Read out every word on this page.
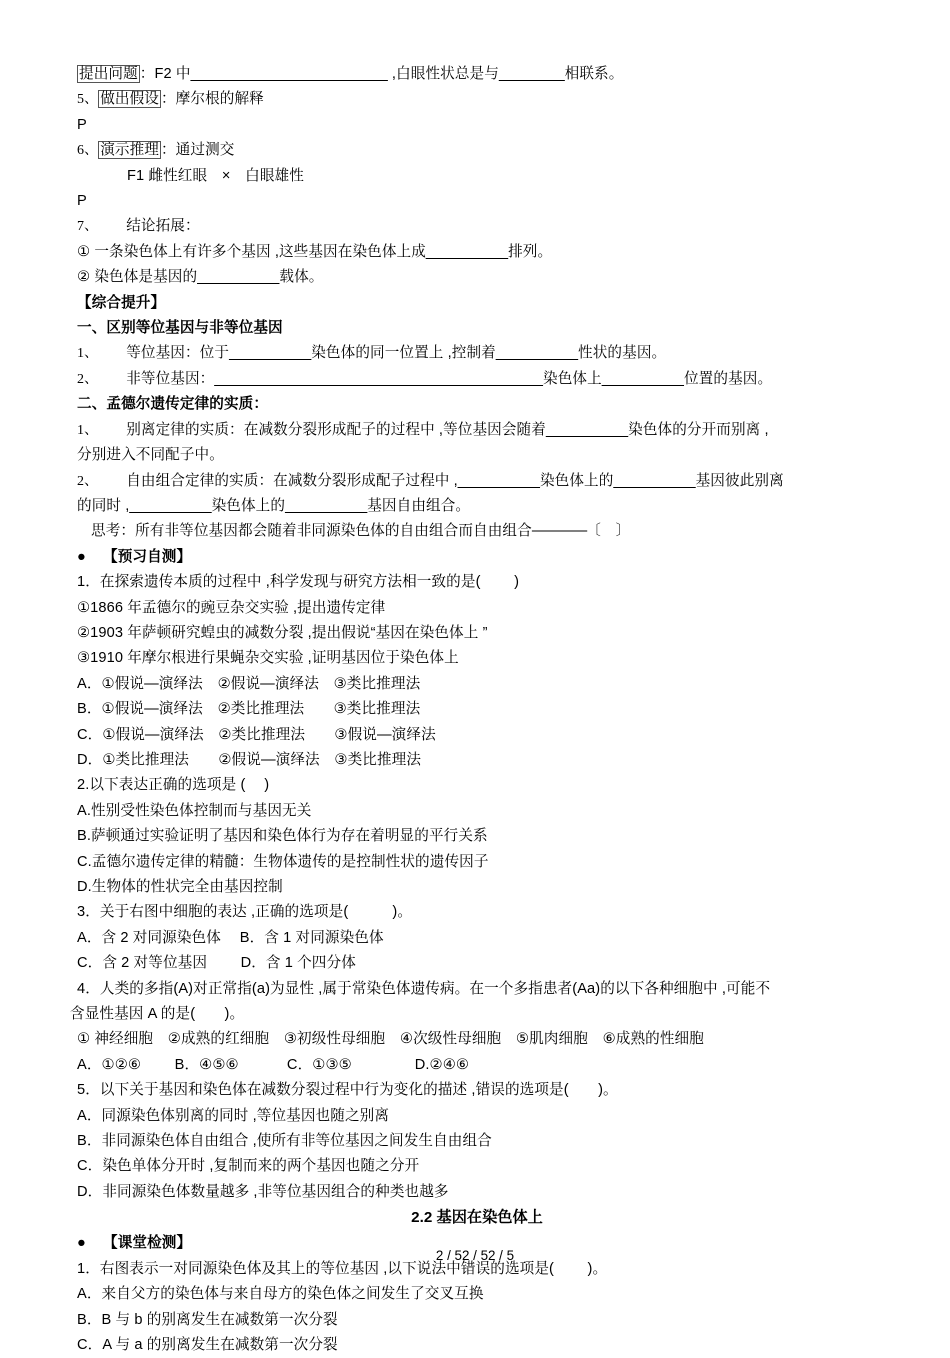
提出问题 ：F2 中________________________ ,白眼性状总是与________相联系。
5、 做出假设 ：摩尔根的解释
P
6、 演示推理 ：通过测交
F1 雌性红眼　×　白眼雄性
P
7、 结论拓展：
① 一条染色体上有许多个基因 ,这些基因在染色体上成__________排列。
② 染色体是基因的__________载体。
【综合提升】
一、区别等位基因与非等位基因
1、 等位基因：位于__________染色体的同一位置上 ,控制着__________性状的基因。
2、 非等位基因：________________________________________染色体上__________位置的基因。
二、孟德尔遗传定律的实质：
1、 别离定律的实质：在减数分裂形成配子的过程中 ,等位基因会随着__________染色体的分开而别离 ,
分别进入不同配子中。
2、 自由组合定律的实质：在减数分裂形成配子过程中 ,__________染色体上的__________基因彼此别离
的同时 ,__________染色体上的__________基因自由组合。
思考：所有非等位基因都会随着非同源染色体的自由组合而自由组合————〔　〕
● 【预习自测】
1．在探索遗传本质的过程中 ,科学发现与研究方法相一致的是(　　 )
①1866 年孟德尔的豌豆杂交实验 ,提出遗传定律
②1903 年萨顿研究蝗虫的减数分裂 ,提出假说“基因在染色体上 ”
③1910 年摩尔根进行果蝇杂交实验 ,证明基因位于染色体上
A．①假说—演绎法　②假说—演绎法　③类比推理法
B．①假说—演绎法　②类比推理法　　③类比推理法
C．①假说—演绎法　②类比推理法　　③假说—演绎法
D．①类比推理法　　②假说—演绎法　③类比推理法
2.以下表达正确的选项是 (　 )
A.性别受性染色体控制而与基因无关
B.萨顿通过实验证明了基因和染色体行为存在着明显的平行关系
C.孟德尔遗传定律的精髓：生物体遗传的是控制性状的遗传因子
D.生物体的性状完全由基因控制
3．关于右图中细胞的表达 ,正确的选项是(　　　)。
A．含 2 对同源染色体　 B．含 1 对同源染色体
C．含 2 对等位基因　　 D．含 1 个四分体
4．人类的多指(A)对正常指(a)为显性 ,属于常染色体遗传病。在一个多指患者(Aa)的以下各种细胞中 ,可能不
含显性基因 A 的是(　　)。
① 神经细胞　②成熟的红细胞　③初级性母细胞　④次级性母细胞　⑤肌肉细胞　⑥成熟的性细胞
A．①②⑥　　 B．④⑤⑥　　　 C．①③⑤　　　　 D.②④⑥
5．以下关于基因和染色体在减数分裂过程中行为变化的描述 ,错误的选项是(　　)。
A．同源染色体别离的同时 ,等位基因也随之别离
B．非同源染色体自由组合 ,使所有非等位基因之间发生自由组合
C．染色单体分开时 ,复制而来的两个基因也随之分开
D．非同源染色体数量越多 ,非等位基因组合的种类也越多
2.2 基因在染色体上
● 【课堂检测】
1．右图表示一对同源染色体及其上的等位基因 ,以下说法中错误的选项是(　　 )。
A．来自父方的染色体与来自母方的染色体之间发生了交叉互换
B．B 与 b 的别离发生在减数第一次分裂
C．A 与 a 的别离发生在减数第一次分裂
2 / 52 / 52 / 5
